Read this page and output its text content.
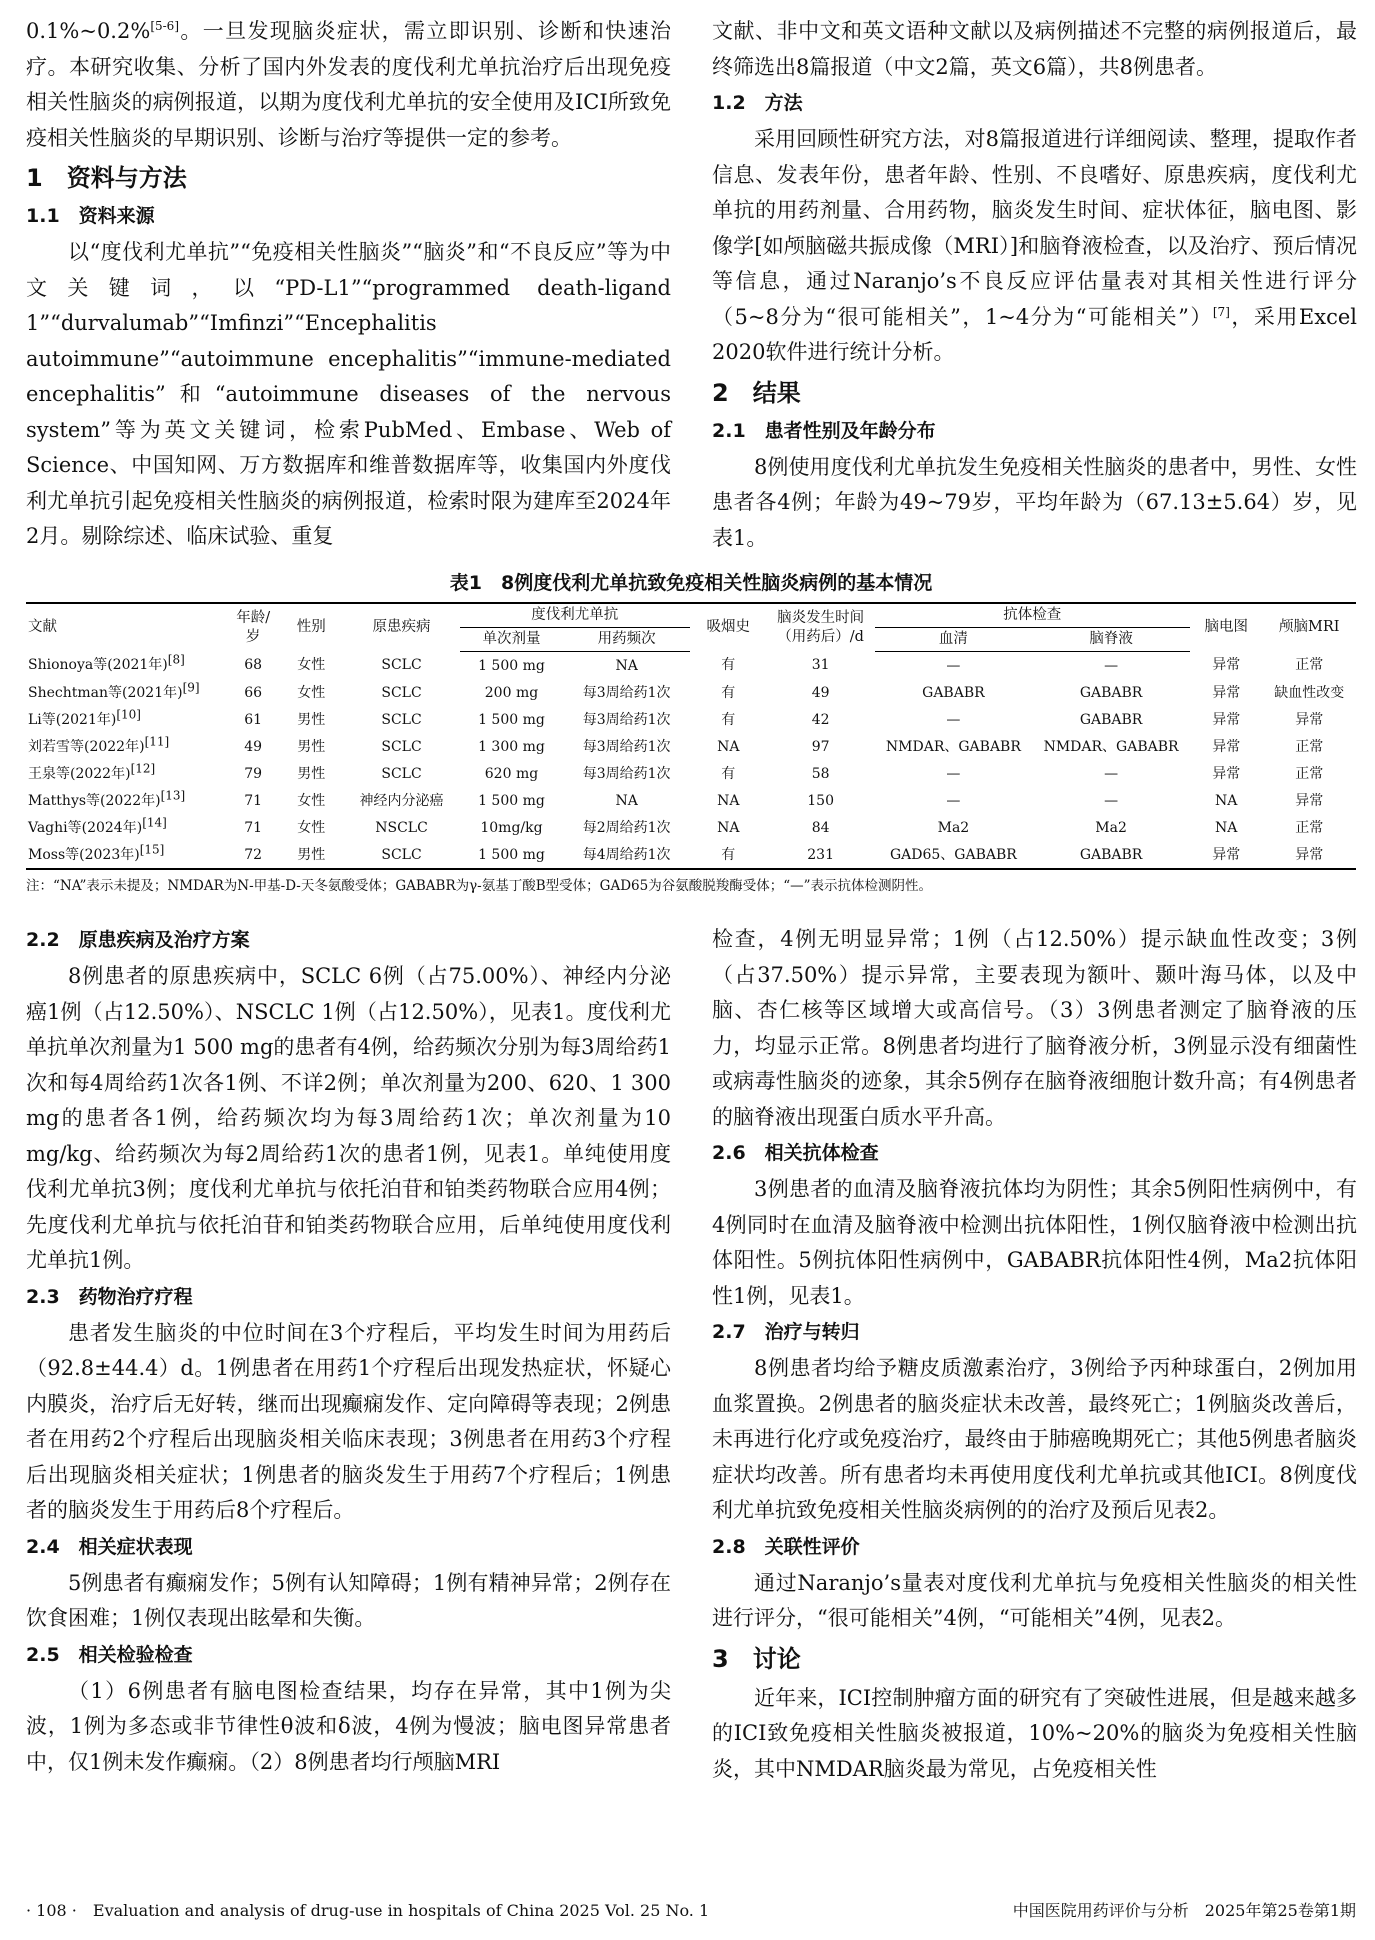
0.1%~0.2%[5-6]。一旦发现脑炎症状，需立即识别、诊断和快速治疗。本研究收集、分析了国内外发表的度伐利尤单抗治疗后出现免疫相关性脑炎的病例报道，以期为度伐利尤单抗的安全使用及ICI所致免疫相关性脑炎的早期识别、诊断与治疗等提供一定的参考。

1　资料与方法
1.1　资料来源

以“度伐利尤单抗”“免疫相关性脑炎”“脑炎”和“不良反应”等为中文关键词，以“PD-L1”“programmed death-ligand 1”“durvalumab”“Imfinzi”“Encephalitis autoimmune”“autoimmune encephalitis”“immune-mediated encephalitis”和“autoimmune diseases of the nervous system”等为英文关键词，检索PubMed、Embase、Web of Science、中国知网、万方数据库和维普数据库等，收集国内外度伐利尤单抗引起免疫相关性脑炎的病例报道，检索时限为建库至2024年2月。剔除综述、临床试验、重复

文献、非中文和英文语种文献以及病例描述不完整的病例报道后，最终筛选出8篇报道（中文2篇，英文6篇），共8例患者。

1.2　方法

采用回顾性研究方法，对8篇报道进行详细阅读、整理，提取作者信息、发表年份，患者年龄、性别、不良嗜好、原患疾病，度伐利尤单抗的用药剂量、合用药物，脑炎发生时间、症状体征，脑电图、影像学[如颅脑磁共振成像（MRI）]和脑脊液检查，以及治疗、预后情况等信息，通过Naranjo’s不良反应评估量表对其相关性进行评分（5~8分为“很可能相关”，1~4分为“可能相关”）[7]，采用Excel 2020软件进行统计分析。

2　结果
2.1　患者性别及年龄分布

8例使用度伐利尤单抗发生免疫相关性脑炎的患者中，男性、女性患者各4例；年龄为49~79岁，平均年龄为（67.13±5.64）岁，见表1。

表1　8例度伐利尤单抗致免疫相关性脑炎病例的基本情况
文献	年龄/岁	性别	原患疾病	度伐利尤单抗		吸烟史	脑炎发生时间（用药后）/d	抗体检查		脑电图	颅脑MRI
				单次剂量	用药频次			血清	脑脊液		
Shionoya等(2021年)[8]	68	女性	SCLC	1 500 mg	NA	有	31	—	—	异常	正常
Shechtman等(2021年)[9]	66	女性	SCLC	200 mg	每3周给药1次	有	49	GABABR	GABABR	异常	缺血性改变
Li等(2021年)[10]	61	男性	SCLC	1 500 mg	每3周给药1次	有	42	—	GABABR	异常	异常
刘若雪等(2022年)[11]	49	男性	SCLC	1 300 mg	每3周给药1次	NA	97	NMDAR、GABABR	NMDAR、GABABR	异常	正常
王泉等(2022年)[12]	79	男性	SCLC	620 mg	每3周给药1次	有	58	—	—	异常	正常
Matthys等(2022年)[13]	71	女性	神经内分泌癌	1 500 mg	NA	NA	150	—	—	NA	异常
Vaghi等(2024年)[14]	71	女性	NSCLC	10mg/kg	每2周给药1次	NA	84	Ma2	Ma2	NA	正常
Moss等(2023年)[15]	72	男性	SCLC	1 500 mg	每4周给药1次	有	231	GAD65、GABABR	GABABR	异常	异常
注：“NA”表示未提及；NMDAR为N-甲基-D-天冬氨酸受体；GABABR为γ-氨基丁酸B型受体；GAD65为谷氨酸脱羧酶受体；“—”表示抗体检测阴性。
2.2　原患疾病及治疗方案

8例患者的原患疾病中，SCLC 6例（占75.00%）、神经内分泌癌1例（占12.50%）、NSCLC 1例（占12.50%），见表1。度伐利尤单抗单次剂量为1 500 mg的患者有4例，给药频次分别为每3周给药1次和每4周给药1次各1例、不详2例；单次剂量为200、620、1 300 mg的患者各1例，给药频次均为每3周给药1次；单次剂量为10 mg/kg、给药频次为每2周给药1次的患者1例，见表1。单纯使用度伐利尤单抗3例；度伐利尤单抗与依托泊苷和铂类药物联合应用4例；先度伐利尤单抗与依托泊苷和铂类药物联合应用，后单纯使用度伐利尤单抗1例。

2.3　药物治疗疗程

患者发生脑炎的中位时间在3个疗程后，平均发生时间为用药后（92.8±44.4）d。1例患者在用药1个疗程后出现发热症状，怀疑心内膜炎，治疗后无好转，继而出现癫痫发作、定向障碍等表现；2例患者在用药2个疗程后出现脑炎相关临床表现；3例患者在用药3个疗程后出现脑炎相关症状；1例患者的脑炎发生于用药7个疗程后；1例患者的脑炎发生于用药后8个疗程后。

2.4　相关症状表现

5例患者有癫痫发作；5例有认知障碍；1例有精神异常；2例存在饮食困难；1例仅表现出眩晕和失衡。

2.5　相关检验检查

（1）6例患者有脑电图检查结果，均存在异常，其中1例为尖波，1例为多态或非节律性θ波和δ波，4例为慢波；脑电图异常患者中，仅1例未发作癫痫。（2）8例患者均行颅脑MRI

检查，4例无明显异常；1例（占12.50%）提示缺血性改变；3例（占37.50%）提示异常，主要表现为额叶、颞叶海马体，以及中脑、杏仁核等区域增大或高信号。（3）3例患者测定了脑脊液的压力，均显示正常。8例患者均进行了脑脊液分析，3例显示没有细菌性或病毒性脑炎的迹象，其余5例存在脑脊液细胞计数升高；有4例患者的脑脊液出现蛋白质水平升高。

2.6　相关抗体检查

3例患者的血清及脑脊液抗体均为阴性；其余5例阳性病例中，有4例同时在血清及脑脊液中检测出抗体阳性，1例仅脑脊液中检测出抗体阳性。5例抗体阳性病例中，GABABR抗体阳性4例，Ma2抗体阳性1例，见表1。

2.7　治疗与转归

8例患者均给予糖皮质激素治疗，3例给予丙种球蛋白，2例加用血浆置换。2例患者的脑炎症状未改善，最终死亡；1例脑炎改善后，未再进行化疗或免疫治疗，最终由于肺癌晚期死亡；其他5例患者脑炎症状均改善。所有患者均未再使用度伐利尤单抗或其他ICI。8例度伐利尤单抗致免疫相关性脑炎病例的的治疗及预后见表2。

2.8　关联性评价

通过Naranjo’s量表对度伐利尤单抗与免疫相关性脑炎的相关性进行评分，“很可能相关”4例，“可能相关”4例，见表2。

3　讨论

近年来，ICI控制肿瘤方面的研究有了突破性进展，但是越来越多的ICI致免疫相关性脑炎被报道，10%~20%的脑炎为免疫相关性脑炎，其中NMDAR脑炎最为常见，占免疫相关性

· 108 ·　Evaluation and analysis of drug-use in hospitals of China 2025 Vol. 25 No. 1	中国医院用药评价与分析　2025年第25卷第1期
